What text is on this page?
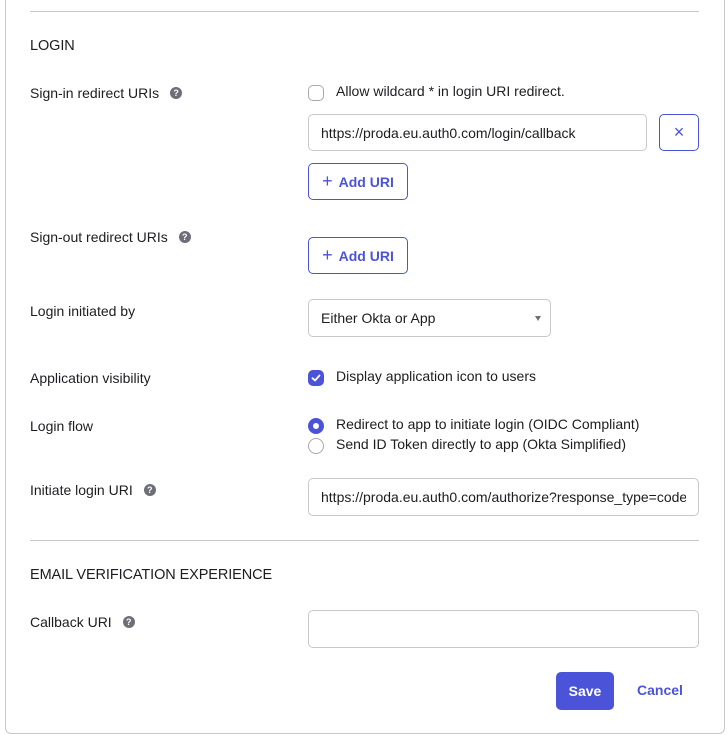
LOGIN
Sign-in redirect URIs	?	Allow wildcard * in login URI redirect.
https://proda.eu.auth0.com/login/callback
×
+ Add URI
Sign-out redirect URIs	?
+ Add URI
Login initiated by	Either Okta or App
Application visibility	Display application icon to users
Login flow	Redirect to app to initiate login (OIDC Compliant)
Send ID Token directly to app (Okta Simplified)
Initiate login URI	?
https://proda.eu.auth0.com/authorize?response_type=code
EMAIL VERIFICATION EXPERIENCE
Callback URI	?
Save	Cancel
